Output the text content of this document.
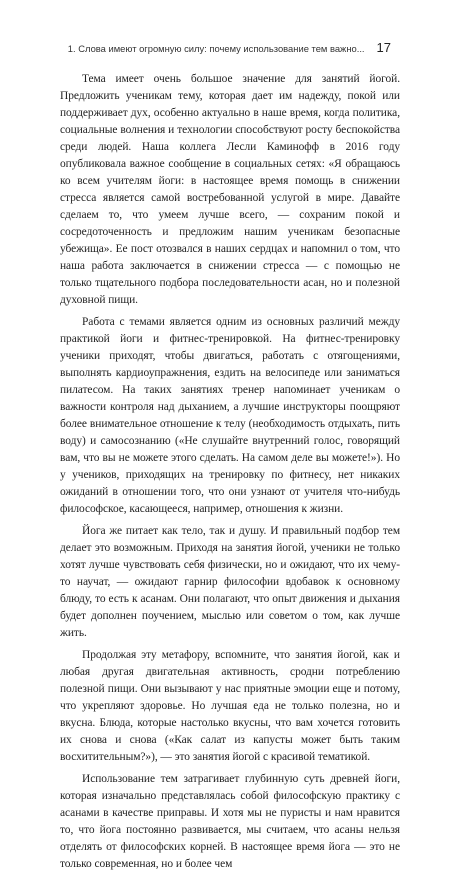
1. Слова имеют огромную силу: почему использование тем важно... 17

Тема имеет очень большое значение для занятий йогой. Предложить ученикам тему, которая дает им надежду, покой или поддерживает дух, особенно актуально в наше время, когда политика, социальные волнения и технологии способствуют росту беспокойства среди людей. Наша коллега Лесли Каминофф в 2016 году опубликовала важное сообщение в социальных сетях: «Я обращаюсь ко всем учителям йоги: в настоящее время помощь в снижении стресса является самой востребованной услугой в мире. Давайте сделаем то, что умеем лучше всего, — сохраним покой и сосредоточенность и предложим нашим ученикам безопасные убежища». Ее пост отозвался в наших сердцах и напомнил о том, что наша работа заключается в снижении стресса — с помощью не только тщательного подбора последовательности асан, но и полезной духовной пищи.

Работа с темами является одним из основных различий между практикой йоги и фитнес-тренировкой. На фитнес-тренировку ученики приходят, чтобы двигаться, работать с отягощениями, выполнять кардиоупражнения, ездить на велосипеде или заниматься пилатесом. На таких занятиях тренер напоминает ученикам о важности контроля над дыханием, а лучшие инструкторы поощряют более внимательное отношение к телу (необходимость отдыхать, пить воду) и самосознанию («Не слушайте внутренний голос, говорящий вам, что вы не можете этого сделать. На самом деле вы можете!»). Но у учеников, приходящих на тренировку по фитнесу, нет никаких ожиданий в отношении того, что они узнают от учителя что-нибудь философское, касающееся, например, отношения к жизни.

Йога же питает как тело, так и душу. И правильный подбор тем делает это возможным. Приходя на занятия йогой, ученики не только хотят лучше чувствовать себя физически, но и ожидают, что их чему-то научат, — ожидают гарнир философии вдобавок к основному блюду, то есть к асанам. Они полагают, что опыт движения и дыхания будет дополнен поучением, мыслью или советом о том, как лучше жить.

Продолжая эту метафору, вспомните, что занятия йогой, как и любая другая двигательная активность, сродни потреблению полезной пищи. Они вызывают у нас приятные эмоции еще и потому, что укрепляют здоровье. Но лучшая еда не только полезна, но и вкусна. Блюда, которые настолько вкусны, что вам хочется готовить их снова и снова («Как салат из капусты может быть таким восхитительным?»), — это занятия йогой с красивой тематикой.

Использование тем затрагивает глубинную суть древней йоги, которая изначально представлялась собой философскую практику с асанами в качестве приправы. И хотя мы не пуристы и нам нравится то, что йога постоянно развивается, мы считаем, что асаны нельзя отделять от философских корней. В настоящее время йога — это не только современная, но и более чем
